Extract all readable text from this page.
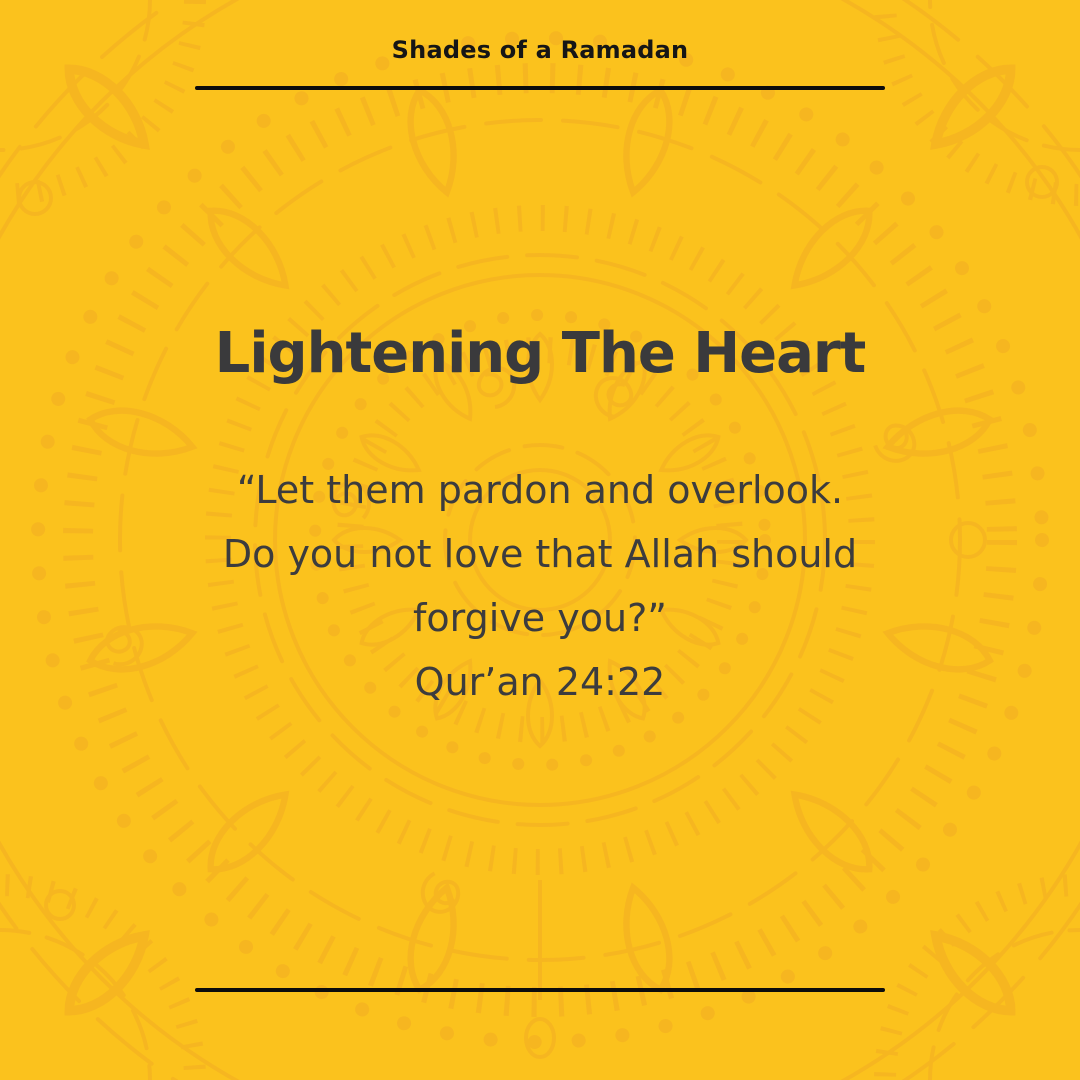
Shades of a Ramadan
Lightening The Heart
“Let them pardon and overlook.
Do you not love that Allah should
forgive you?”
Qur’an 24:22
